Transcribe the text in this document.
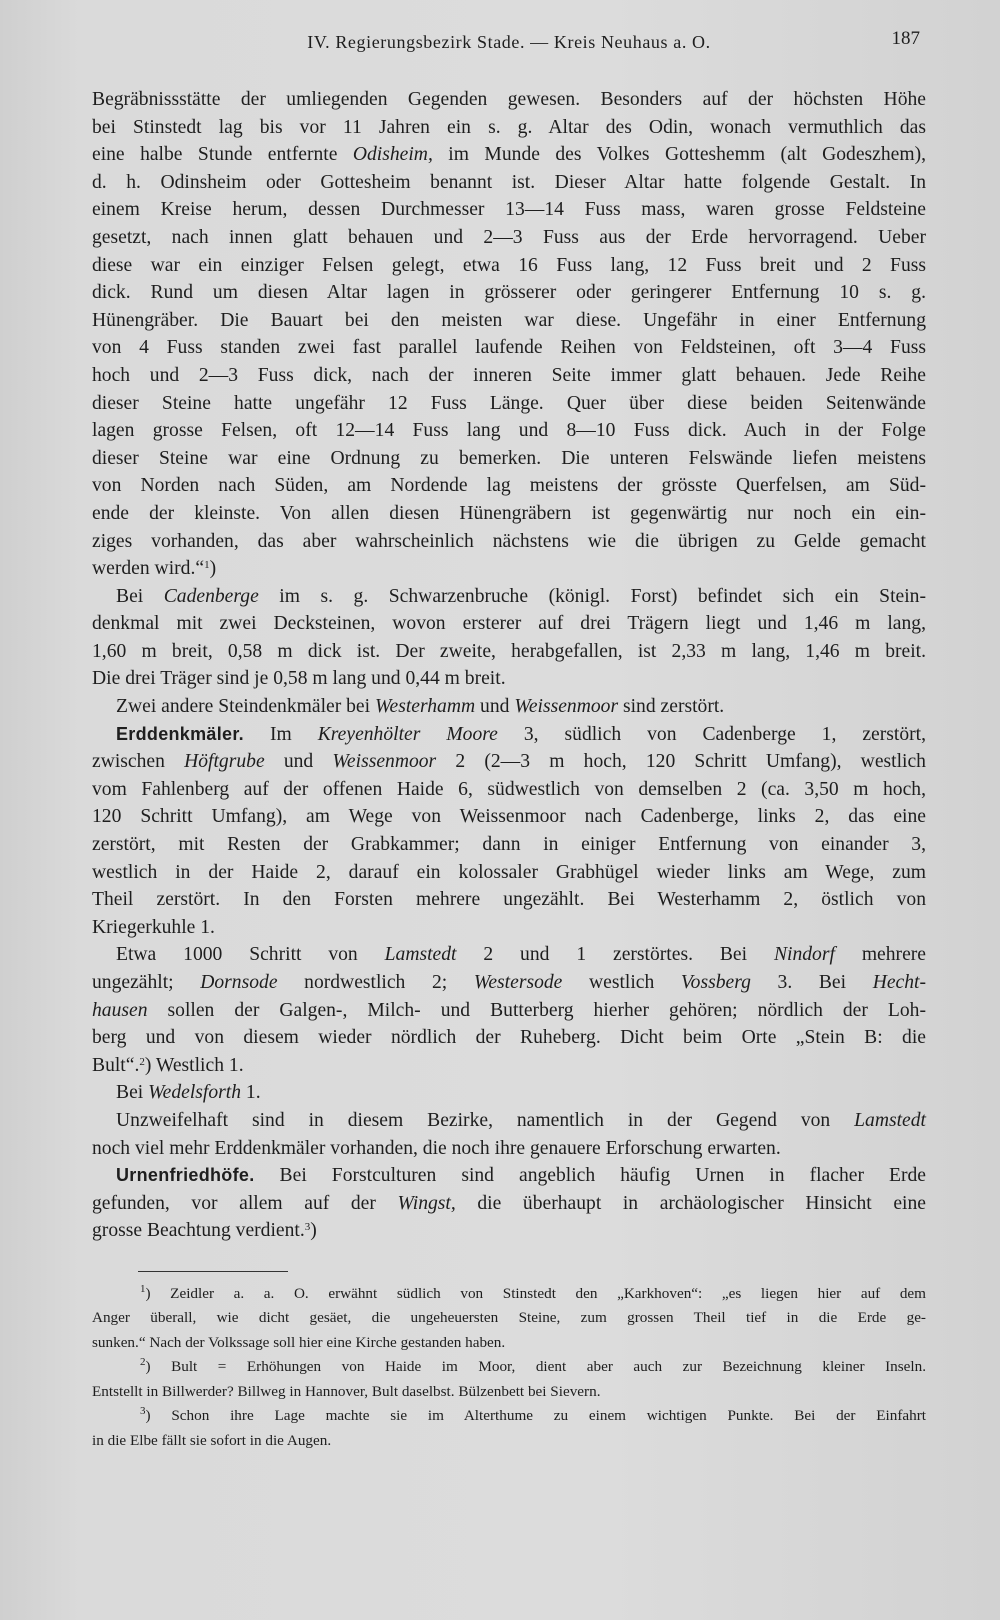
IV. Regierungsbezirk Stade. — Kreis Neuhaus a. O.	187
Begräbnissstätte der umliegenden Gegenden gewesen. Besonders auf der höchsten Höhe
bei Stinstedt lag bis vor 11 Jahren ein s. g. Altar des Odin, wonach vermuthlich das
eine halbe Stunde entfernte Odisheim, im Munde des Volkes Gotteshemm (alt Godeszhem),
d. h. Odinsheim oder Gottesheim benannt ist. Dieser Altar hatte folgende Gestalt. In
einem Kreise herum, dessen Durchmesser 13—14 Fuss mass, waren grosse Feldsteine
gesetzt, nach innen glatt behauen und 2—3 Fuss aus der Erde hervorragend. Ueber
diese war ein einziger Felsen gelegt, etwa 16 Fuss lang, 12 Fuss breit und 2 Fuss
dick. Rund um diesen Altar lagen in grösserer oder geringerer Entfernung 10 s. g.
Hünengräber. Die Bauart bei den meisten war diese. Ungefähr in einer Entfernung
von 4 Fuss standen zwei fast parallel laufende Reihen von Feldsteinen, oft 3—4 Fuss
hoch und 2—3 Fuss dick, nach der inneren Seite immer glatt behauen. Jede Reihe
dieser Steine hatte ungefähr 12 Fuss Länge. Quer über diese beiden Seitenwände
lagen grosse Felsen, oft 12—14 Fuss lang und 8—10 Fuss dick. Auch in der Folge
dieser Steine war eine Ordnung zu bemerken. Die unteren Felswände liefen meistens
von Norden nach Süden, am Nordende lag meistens der grösste Querfelsen, am Süd-
ende der kleinste. Von allen diesen Hünengräbern ist gegenwärtig nur noch ein ein-
ziges vorhanden, das aber wahrscheinlich nächstens wie die übrigen zu Gelde gemacht
werden wird.“$^1$)
Bei Cadenberge im s. g. Schwarzenbruche (königl. Forst) befindet sich ein Stein-
denkmal mit zwei Decksteinen, wovon ersterer auf drei Trägern liegt und 1,46 m lang,
1,60 m breit, 0,58 m dick ist. Der zweite, herabgefallen, ist 2,33 m lang, 1,46 m breit.
Die drei Träger sind je 0,58 m lang und 0,44 m breit.
Zwei andere Steindenkmäler bei Westerhamm und Weissenmoor sind zerstört.
Erddenkmäler. Im Kreyenhölter Moore 3, südlich von Cadenberge 1, zerstört,
zwischen Höftgrube und Weissenmoor 2 (2—3 m hoch, 120 Schritt Umfang), westlich
vom Fahlenberg auf der offenen Haide 6, südwestlich von demselben 2 (ca. 3,50 m hoch,
120 Schritt Umfang), am Wege von Weissenmoor nach Cadenberge, links 2, das eine
zerstört, mit Resten der Grabkammer; dann in einiger Entfernung von einander 3,
westlich in der Haide 2, darauf ein kolossaler Grabhügel wieder links am Wege, zum
Theil zerstört. In den Forsten mehrere ungezählt. Bei Westerhamm 2, östlich von
Kriegerkuhle 1.
Etwa 1000 Schritt von Lamstedt 2 und 1 zerstörtes. Bei Nindorf mehrere
ungezählt; Dornsode nordwestlich 2; Westersode westlich Vossberg 3. Bei Hecht-
hausen sollen der Galgen-, Milch- und Butterberg hierher gehören; nördlich der Loh-
berg und von diesem wieder nördlich der Ruheberg. Dicht beim Orte „Stein B: die
Bult“.$^2$) Westlich 1.
Bei Wedelsforth 1.
Unzweifelhaft sind in diesem Bezirke, namentlich in der Gegend von Lamstedt
noch viel mehr Erddenkmäler vorhanden, die noch ihre genauere Erforschung erwarten.
Urnenfriedhöfe. Bei Forstculturen sind angeblich häufig Urnen in flacher Erde
gefunden, vor allem auf der Wingst, die überhaupt in archäologischer Hinsicht eine
grosse Beachtung verdient.$^3$)
$^1$) Zeidler a. a. O. erwähnt südlich von Stinstedt den „Karkhoven“: „es liegen hier auf dem
Anger überall, wie dicht gesäet, die ungeheuersten Steine, zum grossen Theil tief in die Erde ge-
sunken.“ Nach der Volkssage soll hier eine Kirche gestanden haben.
$^2$) Bult = Erhöhungen von Haide im Moor, dient aber auch zur Bezeichnung kleiner Inseln.
Entstellt in Billwerder? Billweg in Hannover, Bult daselbst. Bülzenbett bei Sievern.
$^3$) Schon ihre Lage machte sie im Alterthume zu einem wichtigen Punkte. Bei der Einfahrt
in die Elbe fällt sie sofort in die Augen.
